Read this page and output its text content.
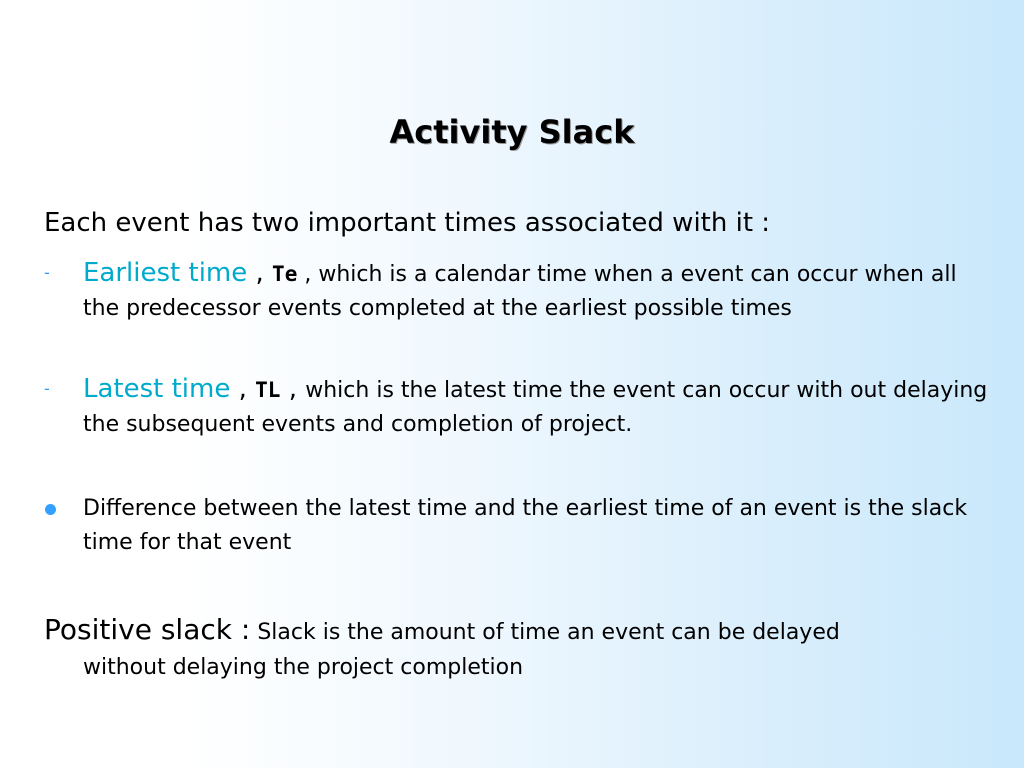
Activity Slack
Each event has two important times associated with it :
- Earliest time , Te , which is a calendar time when a event can occur when all the predecessor events completed at the earliest possible times
- Latest time , TL , which is the latest time the event can occur with out delaying the subsequent events and completion of project.
Difference between the latest time and the earliest time of an event is the slack time for that event
Positive slack : Slack is the amount of time an event can be delayed
without delaying the project completion
